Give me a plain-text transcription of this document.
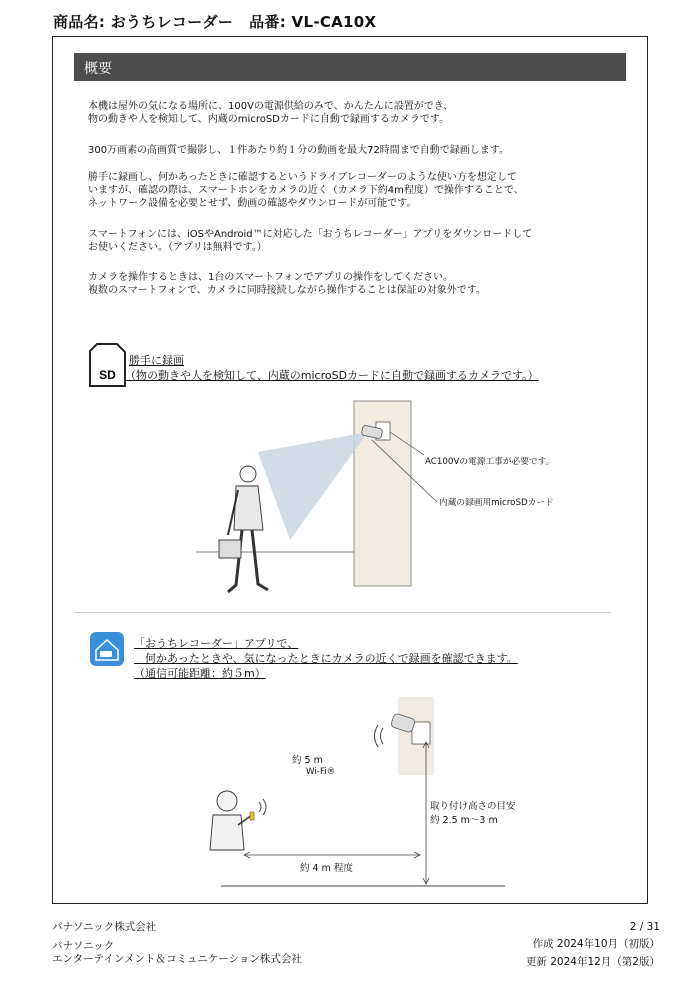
商品名: おうちレコーダー 品番: VL-CA10X
概要
本機は屋外の気になる場所に、100Vの電源供給のみで、かんたんに設置ができ、
物の動きや人を検知して、内蔵のmicroSDカードに自動で録画するカメラです。
300万画素の高画質で撮影し、１件あたり約１分の動画を最大72時間まで自動で録画します。
勝手に録画し、何かあったときに確認するというドライブレコーダーのような使い方を想定して
いますが、確認の際は、スマートホンをカメラの近く（カメラ下約4m程度）で操作することで、
ネットワーク設備を必要とせず、動画の確認やダウンロードが可能です。
スマートフォンには、iOSやAndroid™に対応した「おうちレコーダー」アプリをダウンロードして
お使いください。（アプリは無料です。）
カメラを操作するときは、1台のスマートフォンでアプリの操作をしてください。
複数のスマートフォンで、カメラに同時接続しながら操作することは保証の対象外です。
SD
勝手に録画
（物の動きや人を検知して、内蔵のmicroSDカードに自動で録画するカメラです。）
AC100Vの電源工事が必要です。
内蔵の録画用microSDカード
「おうちレコーダー」アプリで、
　何かあったときや、気になったときにカメラの近くで録画を確認できます。
（通信可能距離：約５m）
約 5 m
Wi-Fi®
取り付け高さの目安
約 2.5 m～3 m
約 4 m 程度
パナソニック株式会社
パナソニック
エンターテインメント＆コミュニケーション株式会社
2 / 31
作成 2024年10月（初版）
更新 2024年12月（第2版）
